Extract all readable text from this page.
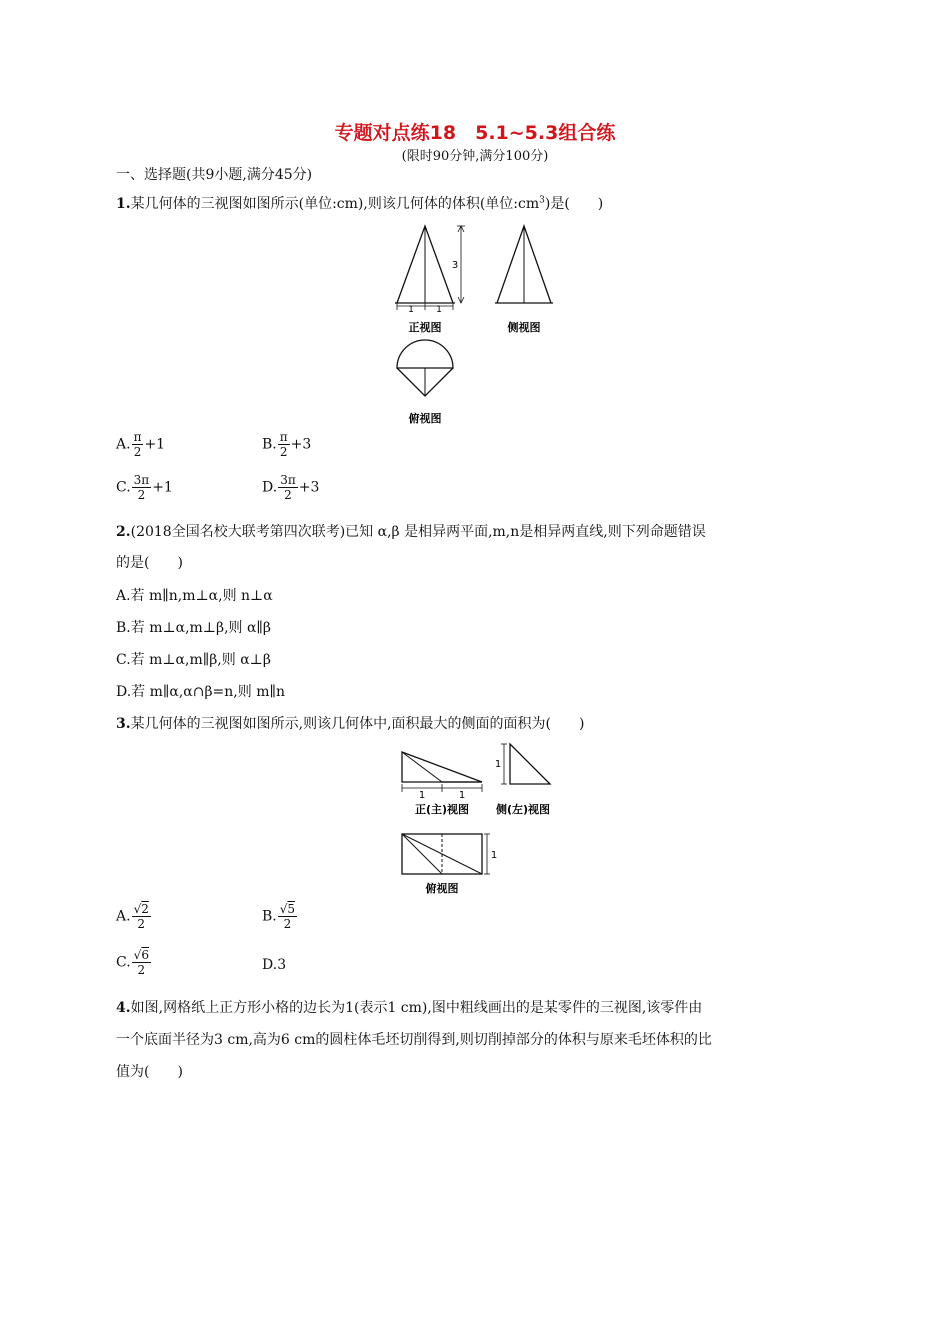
专题对点练18　5.1~5.3组合练
(限时90分钟,满分100分)
一、选择题(共9小题,满分45分)
1.某几何体的三视图如图所示(单位:cm),则该几何体的体积(单位$:cm^3$)是(　　)
1 1
3
正视图	侧视图
俯视图
A. $\frac{\pi}{2} +1$	B. $\frac{\pi}{2} +3$
C. $\frac{3\pi}{2} +1$	D. $\frac{3\pi}{2} +3$
2.(2018全国名校大联考第四次联考)已知 α,β 是相异两平面,m,n是相异两直线,则下列命题错误
的是(　　)
A.若 m∥n,m⊥α,则 n⊥α
B.若 m⊥α,m⊥β,则 α∥β
C.若 m⊥α,m∥β,则 α⊥β
D.若 m∥α,α∩β=n,则 m∥n
3.某几何体的三视图如图所示,则该几何体中,面积最大的侧面的面积为(　　)
1	1
正(主)视图
1
侧(左)视图
1
俯视图
A. $\frac{√2}{2}$	B. $\frac{√5}{2}$
C. $\frac{√6}{2}$	D.3
4.如图,网格纸上正方形小格的边长为1(表示1 cm),图中粗线画出的是某零件的三视图,该零件由
一个底面半径为3 cm,高为6 cm的圆柱体毛坯切削得到,则切削掉部分的体积与原来毛坯体积的比
值为(　　)
